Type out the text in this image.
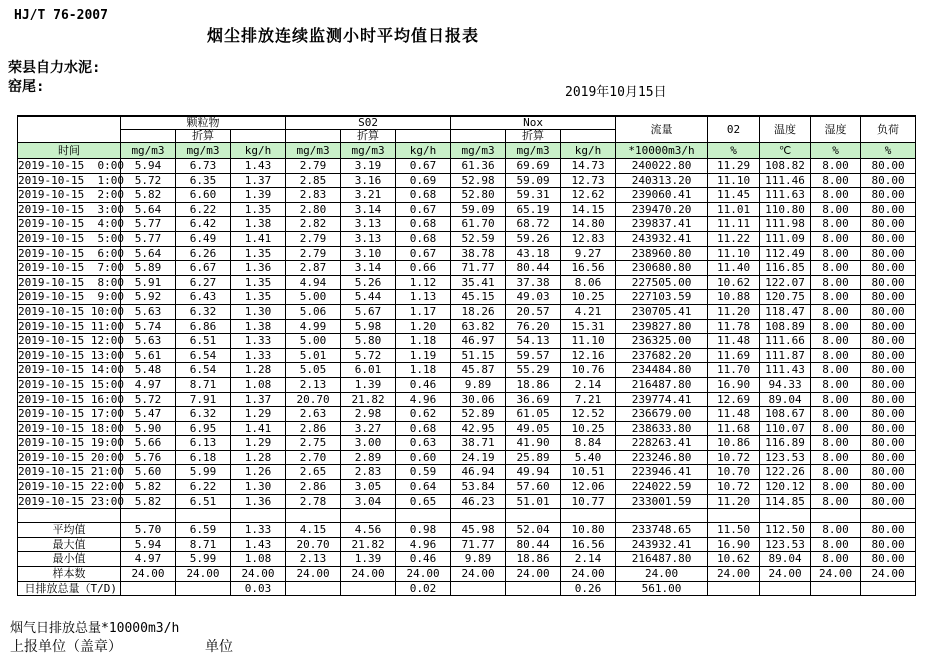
HJ/T 76-2007
烟尘排放连续监测小时平均值日报表
荣县自力水泥:
窑尾:	2019年10月15日
	颗粒物			S02			Nox			流量	02	温度	湿度	负荷
		折算			折算			折算						
时间	mg/m3	mg/m3	kg/h	mg/m3	mg/m3	kg/h	mg/m3	mg/m3	kg/h	*10000m3/h	%	℃	%	%
2019-10-15  0:00	5.94	6.73	1.43	2.79	3.19	0.67	61.36	69.69	14.73	240022.80	11.29	108.82	8.00	80.00
2019-10-15  1:00	5.72	6.35	1.37	2.85	3.16	0.69	52.98	59.09	12.73	240313.20	11.10	111.46	8.00	80.00
2019-10-15  2:00	5.82	6.60	1.39	2.83	3.21	0.68	52.80	59.31	12.62	239060.41	11.45	111.63	8.00	80.00
2019-10-15  3:00	5.64	6.22	1.35	2.80	3.14	0.67	59.09	65.19	14.15	239470.20	11.01	110.80	8.00	80.00
2019-10-15  4:00	5.77	6.42	1.38	2.82	3.13	0.68	61.70	68.72	14.80	239837.41	11.11	111.98	8.00	80.00
2019-10-15  5:00	5.77	6.49	1.41	2.79	3.13	0.68	52.59	59.26	12.83	243932.41	11.22	111.09	8.00	80.00
2019-10-15  6:00	5.64	6.26	1.35	2.79	3.10	0.67	38.78	43.18	9.27	238960.80	11.10	112.49	8.00	80.00
2019-10-15  7:00	5.89	6.67	1.36	2.87	3.14	0.66	71.77	80.44	16.56	230680.80	11.40	116.85	8.00	80.00
2019-10-15  8:00	5.91	6.27	1.35	4.94	5.26	1.12	35.41	37.38	8.06	227505.00	10.62	122.07	8.00	80.00
2019-10-15  9:00	5.92	6.43	1.35	5.00	5.44	1.13	45.15	49.03	10.25	227103.59	10.88	120.75	8.00	80.00
2019-10-15 10:00	5.63	6.32	1.30	5.06	5.67	1.17	18.26	20.57	4.21	230705.41	11.20	118.47	8.00	80.00
2019-10-15 11:00	5.74	6.86	1.38	4.99	5.98	1.20	63.82	76.20	15.31	239827.80	11.78	108.89	8.00	80.00
2019-10-15 12:00	5.63	6.51	1.33	5.00	5.80	1.18	46.97	54.13	11.10	236325.00	11.48	111.66	8.00	80.00
2019-10-15 13:00	5.61	6.54	1.33	5.01	5.72	1.19	51.15	59.57	12.16	237682.20	11.69	111.87	8.00	80.00
2019-10-15 14:00	5.48	6.54	1.28	5.05	6.01	1.18	45.87	55.29	10.76	234484.80	11.70	111.43	8.00	80.00
2019-10-15 15:00	4.97	8.71	1.08	2.13	1.39	0.46	9.89	18.86	2.14	216487.80	16.90	94.33	8.00	80.00
2019-10-15 16:00	5.72	7.91	1.37	20.70	21.82	4.96	30.06	36.69	7.21	239774.41	12.69	89.04	8.00	80.00
2019-10-15 17:00	5.47	6.32	1.29	2.63	2.98	0.62	52.89	61.05	12.52	236679.00	11.48	108.67	8.00	80.00
2019-10-15 18:00	5.90	6.95	1.41	2.86	3.27	0.68	42.95	49.05	10.25	238633.80	11.68	110.07	8.00	80.00
2019-10-15 19:00	5.66	6.13	1.29	2.75	3.00	0.63	38.71	41.90	8.84	228263.41	10.86	116.89	8.00	80.00
2019-10-15 20:00	5.76	6.18	1.28	2.70	2.89	0.60	24.19	25.89	5.40	223246.80	10.72	123.53	8.00	80.00
2019-10-15 21:00	5.60	5.99	1.26	2.65	2.83	0.59	46.94	49.94	10.51	223946.41	10.70	122.26	8.00	80.00
2019-10-15 22:00	5.82	6.22	1.30	2.86	3.05	0.64	53.84	57.60	12.06	224022.59	10.72	120.12	8.00	80.00
2019-10-15 23:00	5.82	6.51	1.36	2.78	3.04	0.65	46.23	51.01	10.77	233001.59	11.20	114.85	8.00	80.00

平均值	5.70	6.59	1.33	4.15	4.56	0.98	45.98	52.04	10.80	233748.65	11.50	112.50	8.00	80.00
最大值	5.94	8.71	1.43	20.70	21.82	4.96	71.77	80.44	16.56	243932.41	16.90	123.53	8.00	80.00
最小值	4.97	5.99	1.08	2.13	1.39	0.46	9.89	18.86	2.14	216487.80	10.62	89.04	8.00	80.00
样本数	24.00	24.00	24.00	24.00	24.00	24.00	24.00	24.00	24.00	24.00	24.00	24.00	24.00	24.00

日排放总量（T/D)			0.03			0.02			0.26	561.00				
烟气日排放总量*10000m3/h
上报单位（盖章）	单位
